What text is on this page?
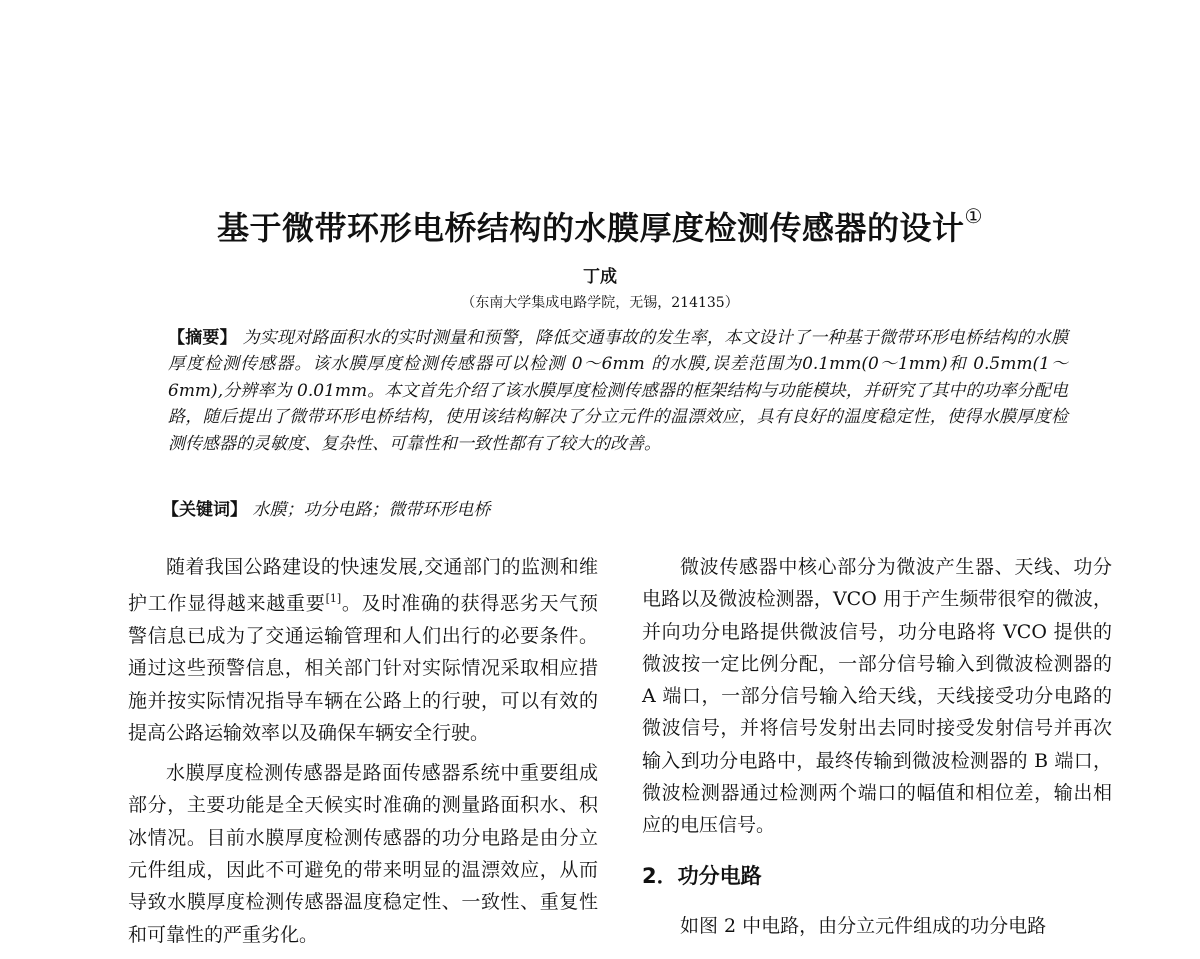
基于微带环形电桥结构的水膜厚度检测传感器的设计①
丁成
（东南大学集成电路学院，无锡，214135）
【摘要】 为实现对路面积水的实时测量和预警，降低交通事故的发生率，本文设计了一种基于微带环形电桥结构的水膜厚度检测传感器。该水膜厚度检测传感器可以检测 0～6mm 的水膜,误差范围为0.1mm(0～1mm)和 0.5mm(1～6mm),分辨率为 0.01mm。本文首先介绍了该水膜厚度检测传感器的框架结构与功能模块，并研究了其中的功率分配电路，随后提出了微带环形电桥结构，使用该结构解决了分立元件的温漂效应，具有良好的温度稳定性，使得水膜厚度检测传感器的灵敏度、复杂性、可靠性和一致性都有了较大的改善。
【关键词】 水膜；功分电路；微带环形电桥

随着我国公路建设的快速发展,交通部门的监测和维护工作显得越来越重要[1]。及时准确的获得恶劣天气预警信息已成为了交通运输管理和人们出行的必要条件。通过这些预警信息，相关部门针对实际情况采取相应措施并按实际情况指导车辆在公路上的行驶，可以有效的提高公路运输效率以及确保车辆安全行驶。

水膜厚度检测传感器是路面传感器系统中重要组成部分，主要功能是全天候实时准确的测量路面积水、积冰情况。目前水膜厚度检测传感器的功分电路是由分立元件组成，因此不可避免的带来明显的温漂效应，从而导致水膜厚度检测传感器温度稳定性、一致性、重复性和可靠性的严重劣化。

微波传感器中核心部分为微波产生器、天线、功分电路以及微波检测器，VCO 用于产生频带很窄的微波，并向功分电路提供微波信号，功分电路将 VCO 提供的微波按一定比例分配，一部分信号输入到微波检测器的 A 端口，一部分信号输入给天线，天线接受功分电路的微波信号，并将信号发射出去同时接受发射信号并再次输入到功分电路中，最终传输到微波检测器的 B 端口，微波检测器通过检测两个端口的幅值和相位差，输出相应的电压信号。

2．功分电路

如图 2 中电路，由分立元件组成的功分电路
